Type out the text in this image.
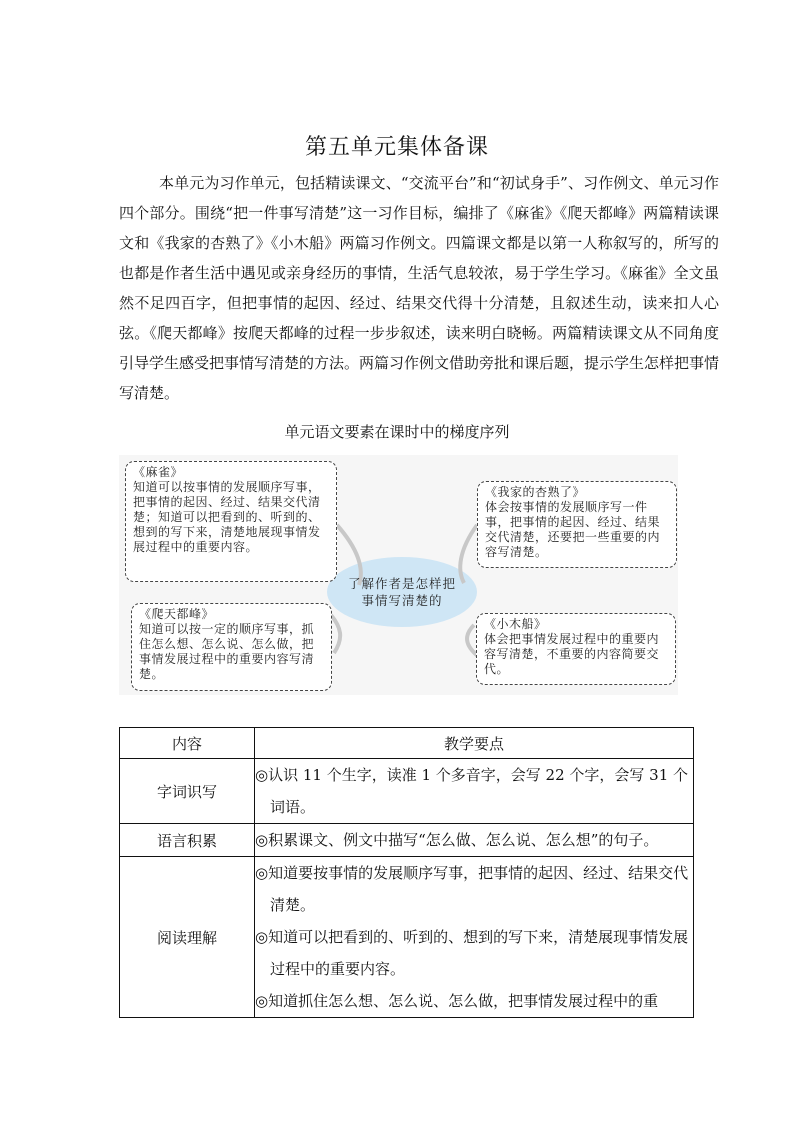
第五单元集体备课
本单元为习作单元，包括精读课文、“交流平台”和“初试身手”、习作例文、单元习作四个部分。围绕“把一件事写清楚”这一习作目标，编排了《麻雀》《爬天都峰》两篇精读课文和《我家的杏熟了》《小木船》两篇习作例文。四篇课文都是以第一人称叙写的，所写的也都是作者生活中遇见或亲身经历的事情，生活气息较浓，易于学生学习。《麻雀》全文虽然不足四百字，但把事情的起因、经过、结果交代得十分清楚，且叙述生动，读来扣人心弦。《爬天都峰》按爬天都峰的过程一步步叙述，读来明白晓畅。两篇精读课文从不同角度引导学生感受把事情写清楚的方法。两篇习作例文借助旁批和课后题，提示学生怎样把事情写清楚。
单元语文要素在课时中的梯度序列
了解作者是怎样把事情写清楚的
《麻雀》
知道可以按事情的发展顺序写事，把事情的起因、经过、结果交代清楚；知道可以把看到的、听到的、想到的写下来，清楚地展现事情发展过程中的重要内容。
《我家的杏熟了》
体会按事情的发展顺序写一件事，把事情的起因、经过、结果交代清楚，还要把一些重要的内容写清楚。
《爬天都峰》
知道可以按一定的顺序写事，抓住怎么想、怎么说、怎么做，把事情发展过程中的重要内容写清楚。
《小木船》
体会把事情发展过程中的重要内容写清楚，不重要的内容简要交代。
内容	教学要点
字词识写	◎认识 11 个生字，读准 1 个多音字，会写 22 个字，会写 31 个词语。

语言积累	◎积累课文、例文中描写“怎么做、怎么说、怎么想”的句子。

阅读理解	◎知道要按事情的发展顺序写事，把事情的起因、经过、结果交代清楚。
◎知道可以把看到的、听到的、想到的写下来，清楚展现事情发展过程中的重要内容。
◎知道抓住怎么想、怎么说、怎么做，把事情发展过程中的重
